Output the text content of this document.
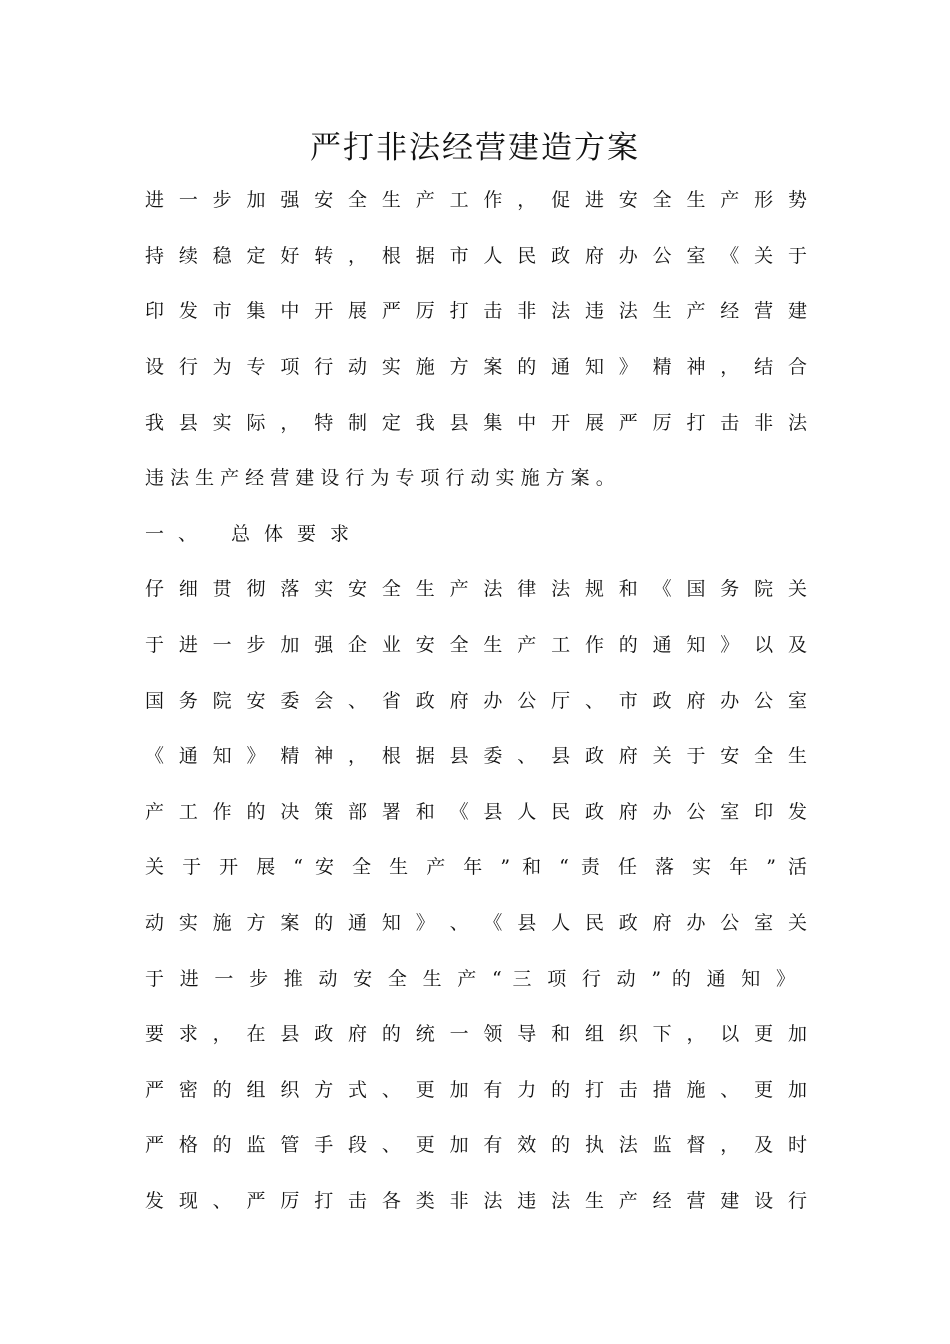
严打非法经营建造方案

进 一 步 加 强 安 全 生 产 工 作 ， 促 进 安 全 生 产 形 势

持 续 稳 定 好 转 ， 根 据 市 人 民 政 府 办 公 室 《 关 于

印 发 市 集 中 开 展 严 厉 打 击 非 法 违 法 生 产 经 营 建

设 行 为 专 项 行 动 实 施 方 案 的 通 知 》 精 神 ， 结 合

我 县 实 际 ， 特 制 定 我 县 集 中 开 展 严 厉 打 击 非 法

违 法 生 产 经 营 建 设 行 为 专 项 行 动 实 施 方 案 。

一、 总体要求

仔 细 贯 彻 落 实 安 全 生 产 法 律 法 规 和 《 国 务 院 关

于 进 一 步 加 强 企 业 安 全 生 产 工 作 的 通 知 》 以 及

国 务 院 安 委 会 、 省 政 府 办 公 厅 、 市 政 府 办 公 室

《 通 知 》 精 神 ， 根 据 县 委 、 县 政 府 关 于 安 全 生

产 工 作 的 决 策 部 署 和 《 县 人 民 政 府 办 公 室 印 发

关 于 开 展 “ 安 全 生 产 年 ” 和 “ 责 任 落 实 年 ” 活

动 实 施 方 案 的 通 知 》 、 《 县 人 民 政 府 办 公 室 关

于 进 一 步 推 动 安 全 生 产 “ 三 项 行 动 ” 的 通 知 》

要 求 ， 在 县 政 府 的 统 一 领 导 和 组 织 下 ， 以 更 加

严 密 的 组 织 方 式 、 更 加 有 力 的 打 击 措 施 、 更 加

严 格 的 监 管 手 段 、 更 加 有 效 的 执 法 监 督 ， 及 时

发 现 、 严 厉 打 击 各 类 非 法 违 法 生 产 经 营 建 设 行
